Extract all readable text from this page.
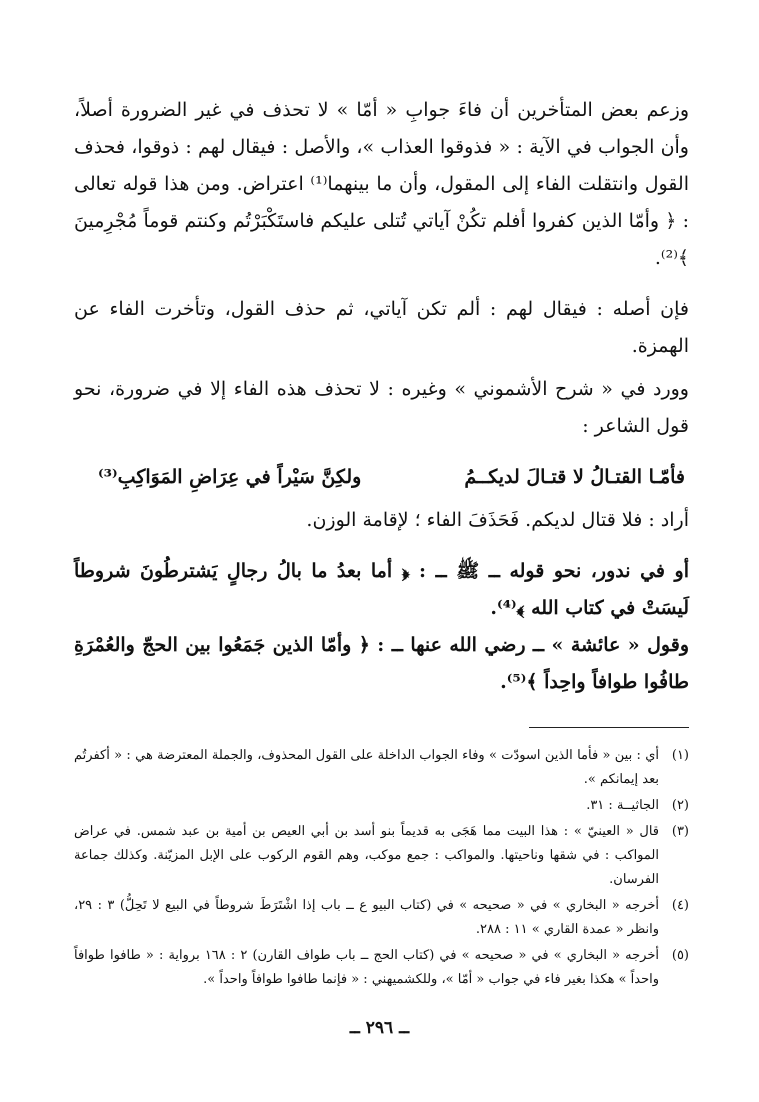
وزعم بعض المتأخرين أن فاءَ جوابِ « أمّا » لا تحذف في غير الضرورة أصلاً، وأن الجواب في الآية : « فذوقوا العذاب »، والأصل : فيقال لهم : ذوقوا، فحذف القول وانتقلت الفاء إلى المقول، وأن ما بينهما⁽¹⁾ اعتراض. ومن هذا قوله تعالى : ﴿ وأمّا الذين كفروا أفلم تكُنْ آياتي تُتلى عليكم فاستَكْبَرْتُم وكنتم قوماً مُجْرِمينَ ﴾⁽²⁾.

فإن أصله : فيقال لهم : ألم تكن آياتي، ثم حذف القول، وتأخرت الفاء عن الهمزة.

وورد في « شرح الأشموني » وغيره : لا تحذف هذه الفاء إلا في ضرورة، نحو قول الشاعر :

فأمّـا القتـالُ لا قتـالَ لديكــمُ
ولكِنَّ سَيْراً في عِرَاضِ المَوَاكِبِ⁽³⁾

أراد : فلا قتال لديكم. فَحَذَفَ الفاء ؛ لإقامة الوزن.

أو في ندور، نحو قوله ــ ﷺ ــ : ﴿ أما بعدُ ما بالُ رجالٍ يَشترطُونَ شروطاً لَيسَتْ في كتاب الله ﴾⁽⁴⁾.

وقول « عائشة » ــ رضي الله عنها ــ : ﴿ وأمّا الذين جَمَعُوا بين الحجّ والعُمْرَةِ طافُوا طوافاً واحِداً ﴾⁽⁵⁾.

(١)
أي : بين « فأما الذين اسودّت » وفاء الجواب الداخلة على القول المحذوف، والجملة المعترضة هي : « أكفرتُم بعد إيمانكم ».
(٢)
الجاثيــة : ٣١.
(٣)
قال « العينيّ » : هذا البيت مما هَجَى به قديماً بنو أسد بن أبي العيص بن أمية بن عبد شمس. في عراض المواكب : في شقها وناحيتها. والمواكب : جمع موكب، وهم القوم الركوب على الإبل المزيّنة. وكذلك جماعة الفرسان.
(٤)
أخرجه « البخاري » في « صحيحه » في (كتاب البيو ع ــ باب إذا اشْتَرَطَ شروطاً في البيع لا تَحِلُّ) ٣ : ٢٩، وانظر « عمدة القاري » ١١ : ٢٨٨.
(٥)
أخرجه « البخاري » في « صحيحه » في (كتاب الحج ــ باب طواف القارن) ٢ : ١٦٨ برواية : « طافوا طوافاً واحداً » هكذا بغير فاء في جواب « أمّا »، وللكشميهني : « فإنما طافوا طوافاً واحداً ».
ــ ٢٩٦ ــ
